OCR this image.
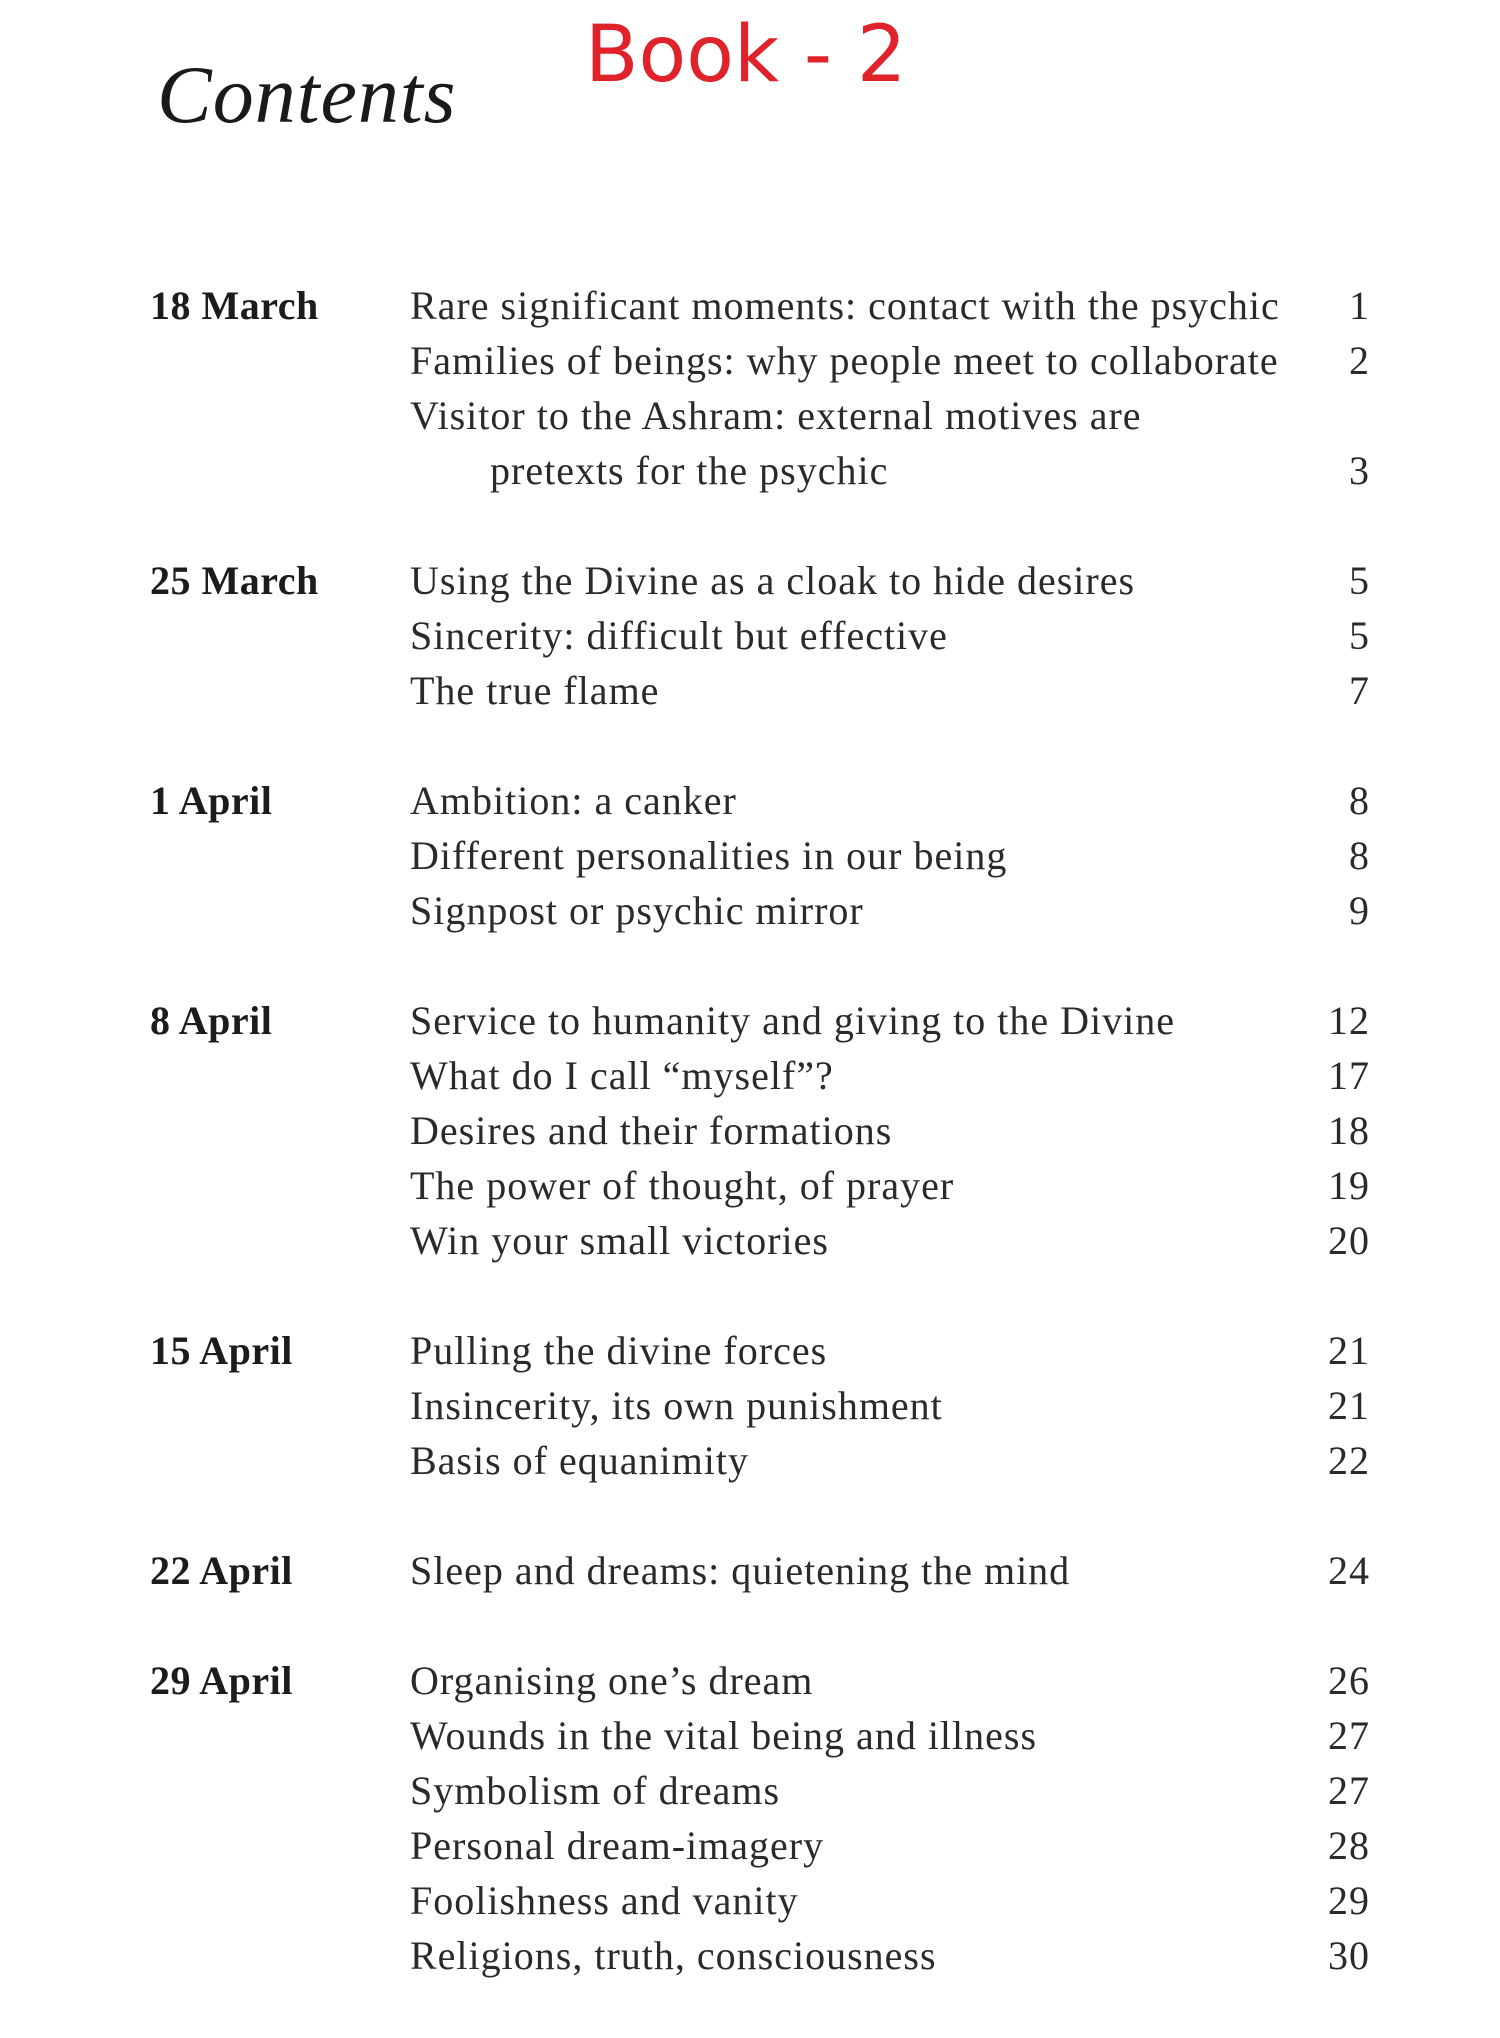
Contents Book - 2
18 March Rare significant moments: contact with the psychic	1
Families of beings: why people meet to collaborate	2
Visitor to the Ashram: external motives are
pretexts for the psychic	3
25 March Using the Divine as a cloak to hide desires	5
Sincerity: difficult but effective	5
The true flame	7
1 April	Ambition: a canker	8
Different personalities in our being	8
Signpost or psychic mirror	9
8 April	Service to humanity and giving to the Divine	12
What do I call “myself”?	17
Desires and their formations	18
The power of thought, of prayer	19
Win your small victories	20
15 April	Pulling the divine forces	21
Insincerity, its own punishment	21
Basis of equanimity	22
22 April	Sleep and dreams: quietening the mind	24
29 April	Organising one’s dream	26
Wounds in the vital being and illness	27
Symbolism of dreams	27
Personal dream-imagery	28
Foolishness and vanity	29
Religions, truth, consciousness	30
